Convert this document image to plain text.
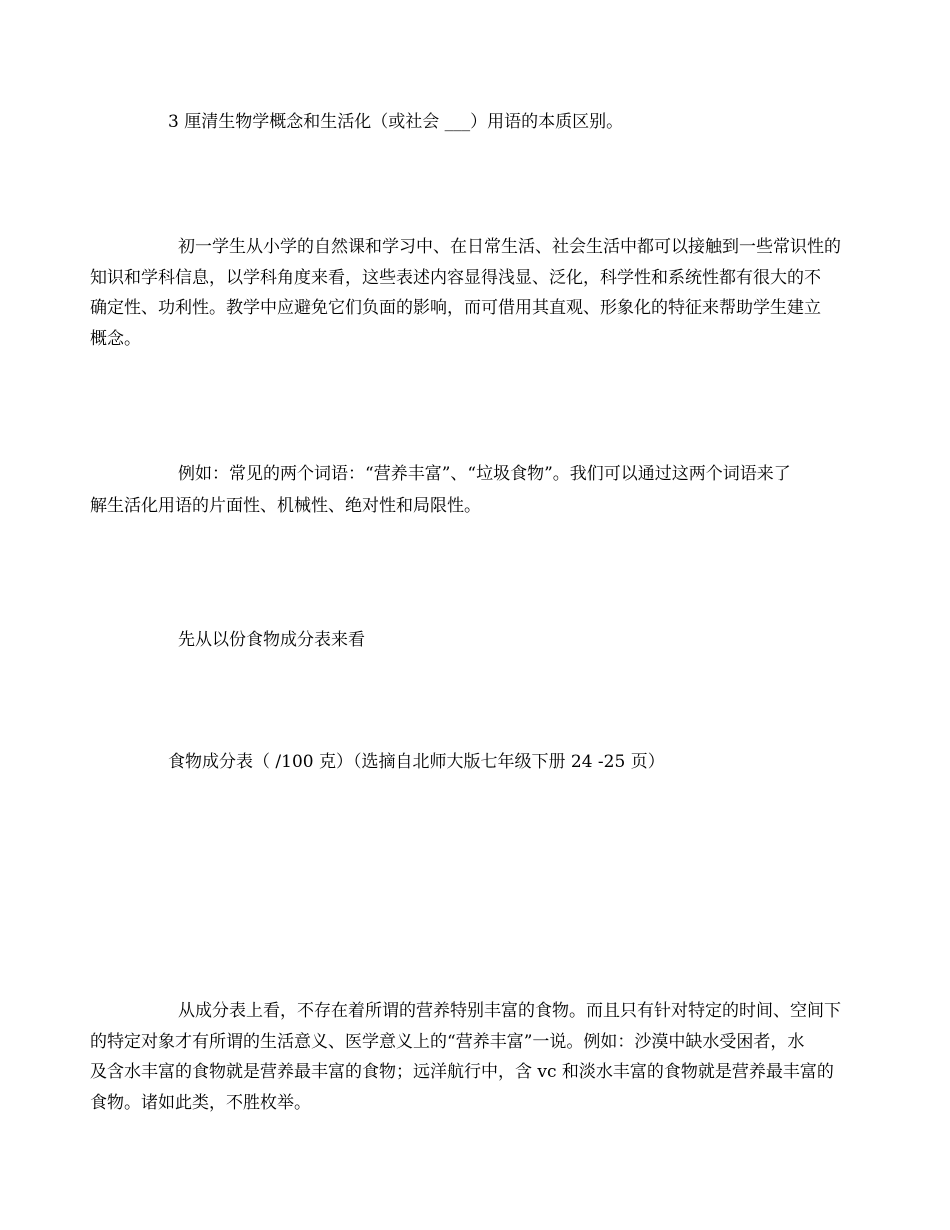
3 厘清生物学概念和生活化（或社会 ___）用语的本质区别。
初一学生从小学的自然课和学习中、在日常生活、社会生活中都可以接触到一些常识性的
知识和学科信息，以学科角度来看，这些表述内容显得浅显、泛化，科学性和系统性都有很大的不
确定性、功利性。教学中应避免它们负面的影响，而可借用其直观、形象化的特征来帮助学生建立
概念。
例如：常见的两个词语：“营养丰富”、“垃圾食物”。我们可以通过这两个词语来了
解生活化用语的片面性、机械性、绝对性和局限性。
先从以份食物成分表来看
食物成分表（ /100 克）（选摘自北师大版七年级下册 24 -25 页）
从成分表上看，不存在着所谓的营养特别丰富的食物。而且只有针对特定的时间、空间下
的特定对象才有所谓的生活意义、医学意义上的“营养丰富”一说。例如：沙漠中缺水受困者，水
及含水丰富的食物就是营养最丰富的食物；远洋航行中，含 vc 和淡水丰富的食物就是营养最丰富的
食物。诸如此类，不胜枚举。
